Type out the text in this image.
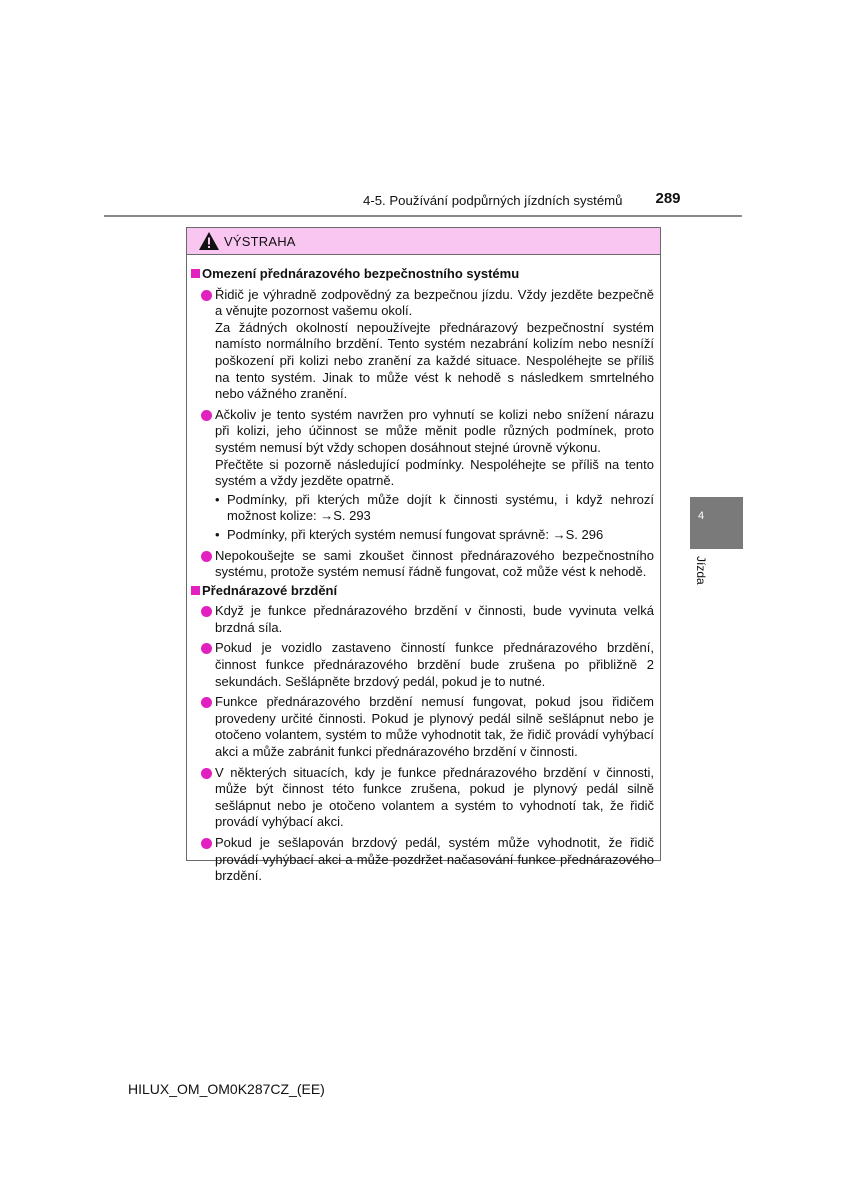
4-5. Používání podpůrných jízdních systémů	289
4
Jízda
VÝSTRAHA
Omezení přednárazového bezpečnostního systému
Řidič je výhradně zodpovědný za bezpečnou jízdu. Vždy jezděte bezpečně a věnujte pozornost vašemu okolí.
Za žádných okolností nepoužívejte přednárazový bezpečnostní systém namísto normálního brzdění. Tento systém nezabrání kolizím nebo nesníží poškození při kolizi nebo zranění za každé situace. Nespoléhejte se příliš na tento systém. Jinak to může vést k nehodě s následkem smrtelného nebo vážného zranění.
Ačkoliv je tento systém navržen pro vyhnutí se kolizi nebo snížení nárazu při kolizi, jeho účinnost se může měnit podle různých podmínek, proto systém nemusí být vždy schopen dosáhnout stejné úrovně výkonu.
Přečtěte si pozorně následující podmínky. Nespoléhejte se příliš na tento systém a vždy jezděte opatrně.
• Podmínky, při kterých může dojít k činnosti systému, i když nehrozí možnost kolize: →S. 293
• Podmínky, při kterých systém nemusí fungovat správně: →S. 296
Nepokoušejte se sami zkoušet činnost přednárazového bezpečnostního systému, protože systém nemusí řádně fungovat, což může vést k nehodě.
Přednárazové brzdění
Když je funkce přednárazového brzdění v činnosti, bude vyvinuta velká brzdná síla.
Pokud je vozidlo zastaveno činností funkce přednárazového brzdění, činnost funkce přednárazového brzdění bude zrušena po přibližně 2 sekundách. Sešlápněte brzdový pedál, pokud je to nutné.
Funkce přednárazového brzdění nemusí fungovat, pokud jsou řidičem provedeny určité činnosti. Pokud je plynový pedál silně sešlápnut nebo je otočeno volantem, systém to může vyhodnotit tak, že řidič provádí vyhýbací akci a může zabránit funkci přednárazového brzdění v činnosti.
V některých situacích, kdy je funkce přednárazového brzdění v činnosti, může být činnost této funkce zrušena, pokud je plynový pedál silně sešlápnut nebo je otočeno volantem a systém to vyhodnotí tak, že řidič provádí vyhýbací akci.
Pokud je sešlapován brzdový pedál, systém může vyhodnotit, že řidič provádí vyhýbací akci a může pozdržet načasování funkce přednárazového brzdění.
HILUX_OM_OM0K287CZ_(EE)
